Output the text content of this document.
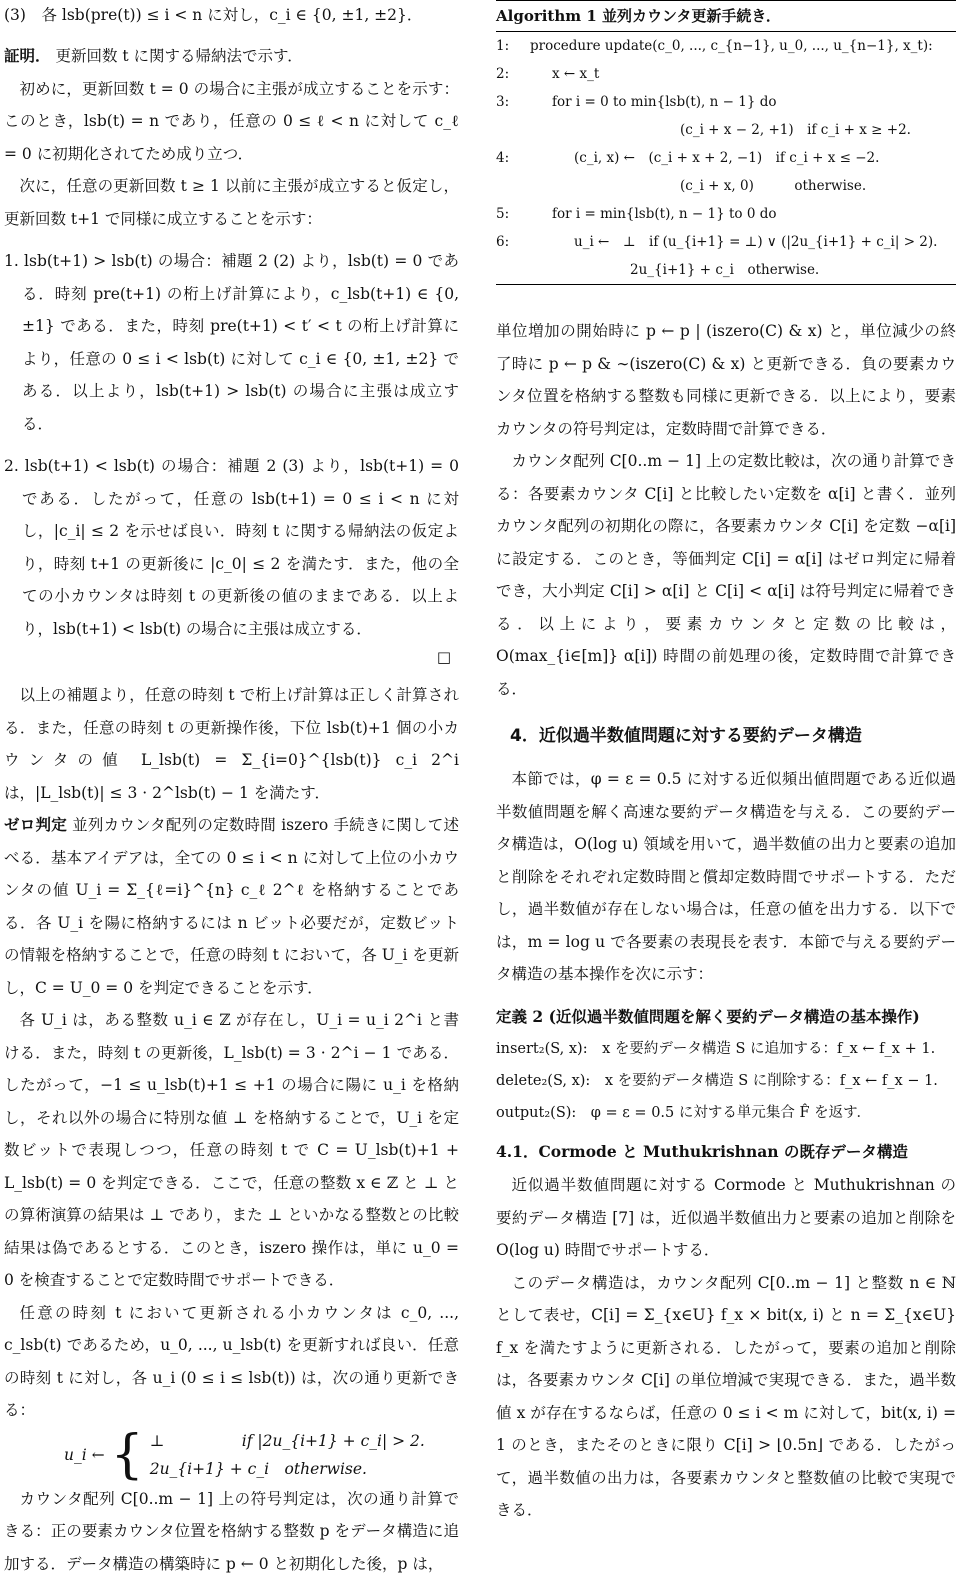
(3)　各 lsb(pre(t)) ≤ i < n に対し，c_i ∈ {0, ±1, ±2}．

証明． 更新回数 t に関する帰納法で示す．

初めに，更新回数 t = 0 の場合に主張が成立することを示す：このとき，lsb(t) = n であり，任意の 0 ≤ ℓ < n に対して c_ℓ = 0 に初期化されてため成り立つ．

次に，任意の更新回数 t ≥ 1 以前に主張が成立すると仮定し，更新回数 t+1 で同様に成立することを示す：

1. lsb(t+1) > lsb(t) の場合：補題 2 (2) より，lsb(t) = 0 である．時刻 pre(t+1) の桁上げ計算により，c_lsb(t+1) ∈ {0, ±1} である．また，時刻 pre(t+1) < t′ < t の桁上げ計算により，任意の 0 ≤ i < lsb(t) に対して c_i ∈ {0, ±1, ±2} である．以上より，lsb(t+1) > lsb(t) の場合に主張は成立する．

2. lsb(t+1) < lsb(t) の場合：補題 2 (3) より，lsb(t+1) = 0 である．したがって，任意の lsb(t+1) = 0 ≤ i < n に対し，|c_i| ≤ 2 を示せば良い．時刻 t に関する帰納法の仮定より，時刻 t+1 の更新後に |c_0| ≤ 2 を満たす．また，他の全ての小カウンタは時刻 t の更新後の値のままである．以上より，lsb(t+1) < lsb(t) の場合に主張は成立する．

□

以上の補題より，任意の時刻 t で桁上げ計算は正しく計算される．また，任意の時刻 t の更新操作後，下位 lsb(t)+1 個の小カウンタの値 L_lsb(t) = Σ_{i=0}^{lsb(t)} c_i 2^i は，|L_lsb(t)| ≤ 3 · 2^lsb(t) − 1 を満たす．

ゼロ判定 並列カウンタ配列の定数時間 iszero 手続きに関して述べる．基本アイデアは，全ての 0 ≤ i < n に対して上位の小カウンタの値 U_i = Σ_{ℓ=i}^{n} c_ℓ 2^ℓ を格納することである．各 U_i を陽に格納するには n ビット必要だが，定数ビットの情報を格納することで，任意の時刻 t において，各 U_i を更新し，C = U_0 = 0 を判定できることを示す．

各 U_i は，ある整数 u_i ∈ ℤ が存在し，U_i = u_i 2^i と書ける．また，時刻 t の更新後，L_lsb(t) = 3 · 2^i − 1 である．したがって，−1 ≤ u_lsb(t)+1 ≤ +1 の場合に陽に u_i を格納し，それ以外の場合に特別な値 ⊥ を格納することで，U_i を定数ビットで表現しつつ，任意の時刻 t で C = U_lsb(t)+1 + L_lsb(t) = 0 を判定できる．ここで，任意の整数 x ∈ ℤ と ⊥ との算術演算の結果は ⊥ であり，また ⊥ といかなる整数との比較結果は偽であるとする．このとき，iszero 操作は，単に u_0 = 0 を検査することで定数時間でサポートできる．

任意の時刻 t において更新される小カウンタは c_0, ..., c_lsb(t) であるため，u_0, ..., u_lsb(t) を更新すれば良い．任意の時刻 t に対し，各 u_i (0 ≤ i ≤ lsb(t)) は，次の通り更新できる：

u_i ← { ⊥　　　　　if |2u_{i+1} + c_i| > 2.
2u_{i+1} + c_i　otherwise.

カウンタ配列 C[0..m − 1] 上の符号判定は，次の通り計算できる：正の要素カウンタ位置を格納する整数 p をデータ構造に追加する．データ構造の構築時に p ← 0 と初期化した後，p は，

Algorithm 1 並列カウンタ更新手続き．
1:	procedure update(c_0, ..., c_{n−1}, u_0, ..., u_{n−1}, x_t):
2:	x ← x_t
3:	for i = 0 to min{lsb(t), n − 1} do
(c_i + x − 2, +1)　if c_i + x ≥ +2.
4:	(c_i, x) ←　(c_i + x + 2, −1)　if c_i + x ≤ −2.
(c_i + x, 0)　　　otherwise.
5:	for i = min{lsb(t), n − 1} to 0 do
6:	u_i ←　⊥　if (u_{i+1} = ⊥) ∨ (|2u_{i+1} + c_i| > 2).
2u_{i+1} + c_i　otherwise.

単位増加の開始時に p ← p | (iszero(C) & x) と，単位減少の終了時に p ← p & ∼(iszero(C) & x) と更新できる．負の要素カウンタ位置を格納する整数も同様に更新できる．以上により，要素カウンタの符号判定は，定数時間で計算できる．

カウンタ配列 C[0..m − 1] 上の定数比較は，次の通り計算できる：各要素カウンタ C[i] と比較したい定数を α[i] と書く．並列カウンタ配列の初期化の際に，各要素カウンタ C[i] を定数 −α[i] に設定する．このとき，等価判定 C[i] = α[i] はゼロ判定に帰着でき，大小判定 C[i] > α[i] と C[i] < α[i] は符号判定に帰着できる．以上により，要素カウンタと定数の比較は，O(max_{i∈[m]} α[i]) 時間の前処理の後，定数時間で計算できる．

4．近似過半数値問題に対する要約データ構造

本節では，φ = ε = 0.5 に対する近似頻出値問題である近似過半数値問題を解く高速な要約データ構造を与える．この要約データ構造は，O(log u) 領域を用いて，過半数値の出力と要素の追加と削除をそれぞれ定数時間と償却定数時間でサポートする．ただし，過半数値が存在しない場合は，任意の値を出力する．以下では，m = log u で各要素の表現長を表す．本節で与える要約データ構造の基本操作を次に示す：

定義 2 (近似過半数値問題を解く要約データ構造の基本操作)

insert₂(S, x):　x を要約データ構造 S に追加する：f_x ← f_x + 1.
delete₂(S, x):　x を要約データ構造 S に削除する：f_x ← f_x − 1.
output₂(S):　φ = ε = 0.5 に対する単元集合 F̂ を返す．
4.1．Cormode と Muthukrishnan の既存データ構造

近似過半数値問題に対する Cormode と Muthukrishnan の要約データ構造 [7] は，近似過半数値出力と要素の追加と削除を O(log u) 時間でサポートする．

このデータ構造は，カウンタ配列 C[0..m − 1] と整数 n ∈ ℕ として表せ，C[i] = Σ_{x∈U} f_x × bit(x, i) と n = Σ_{x∈U} f_x を満たすように更新される．したがって，要素の追加と削除は，各要素カウンタ C[i] の単位増減で実現できる．また，過半数値 x が存在するならば，任意の 0 ≤ i < m に対して，bit(x, i) = 1 のとき，またそのときに限り C[i] > ⌊0.5n⌋ である．したがって，過半数値の出力は，各要素カウンタと整数値の比較で実現できる．
